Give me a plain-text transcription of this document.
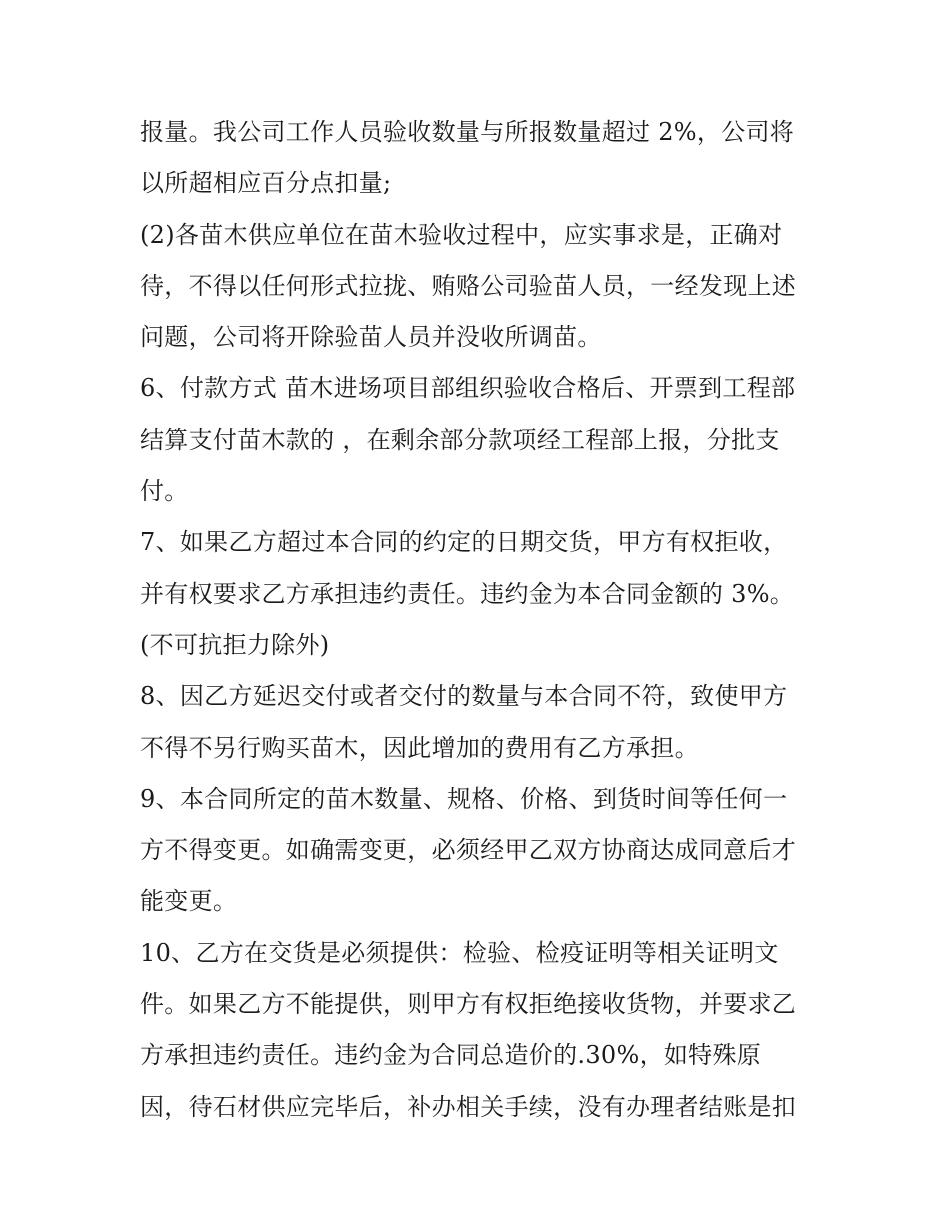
报量。我公司工作人员验收数量与所报数量超过 2%，公司将
以所超相应百分点扣量;
(2)各苗木供应单位在苗木验收过程中，应实事求是，正确对
待，不得以任何形式拉拢、贿赂公司验苗人员，一经发现上述
问题，公司将开除验苗人员并没收所调苗。
6、付款方式 苗木进场项目部组织验收合格后、开票到工程部
结算支付苗木款的 ，在剩余部分款项经工程部上报，分批支
付。
7、如果乙方超过本合同的约定的日期交货，甲方有权拒收，
并有权要求乙方承担违约责任。违约金为本合同金额的 3%。
(不可抗拒力除外)
8、因乙方延迟交付或者交付的数量与本合同不符，致使甲方
不得不另行购买苗木，因此增加的费用有乙方承担。
9、本合同所定的苗木数量、规格、价格、到货时间等任何一
方不得变更。如确需变更，必须经甲乙双方协商达成同意后才
能变更。
10、乙方在交货是必须提供：检验、检疫证明等相关证明文
件。如果乙方不能提供，则甲方有权拒绝接收货物，并要求乙
方承担违约责任。违约金为合同总造价的.30%，如特殊原
因，待石材供应完毕后，补办相关手续，没有办理者结账是扣
